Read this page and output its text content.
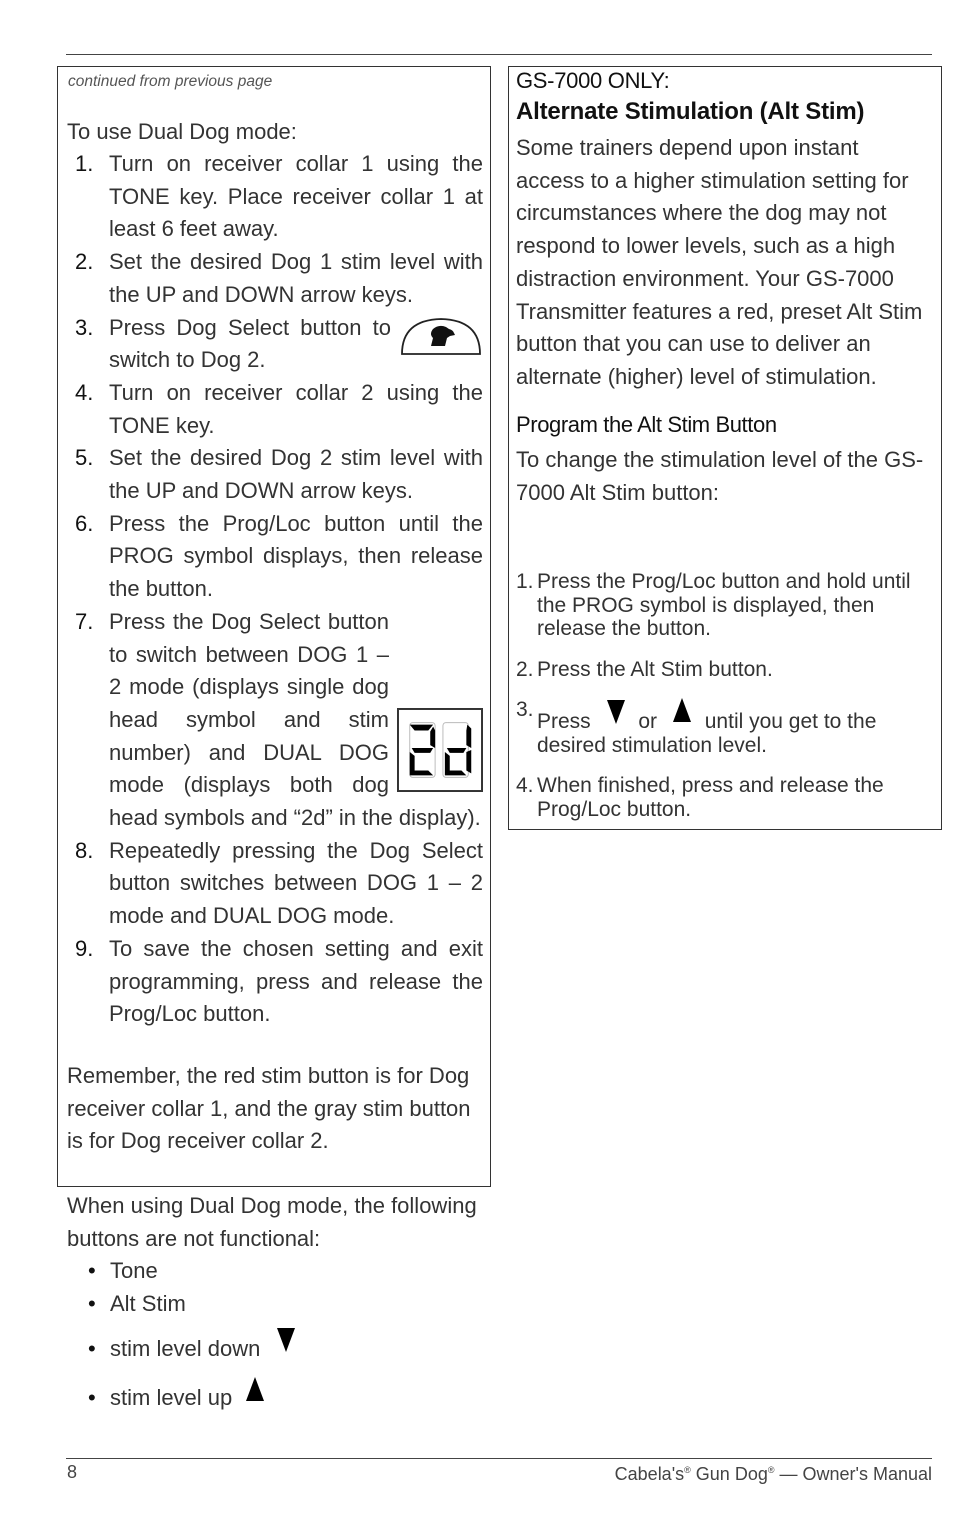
continued from previous page
To use Dual Dog mode:
1. Turn on receiver collar 1 using the TONE key. Place receiver collar 1 at least 6 feet away.
2. Set the desired Dog 1 stim level with the UP and DOWN arrow keys.
3. Press Dog Select button to switch to Dog 2.
4. Turn on receiver collar 2 using the TONE key.
5. Set the desired Dog 2 stim level with the UP and DOWN arrow keys.
6. Press the Prog/Loc button until the PROG symbol displays, then release the button.
7.
2d
Press the Dog Select button to switch between DOG 1 – 2 mode (displays single dog head symbol and stim number) and DUAL DOG mode (displays both dog head symbols and “2d” in the display).
8. Repeatedly pressing the Dog Select button switches between DOG 1 – 2 mode and DUAL DOG mode.
9. To save the chosen setting and exit programming, press and release the Prog/Loc button.
Remember, the red stim button is for Dog receiver collar 1, and the gray stim button is for Dog receiver collar 2.
When using Dual Dog mode, the following buttons are not functional:
• Tone
• Alt Stim
• stim level down
• stim level up
GS-7000 ONLY:
Alternate Stimulation (Alt Stim)
Some trainers depend upon instant access to a higher stimulation setting for circumstances where the dog may not respond to lower levels, such as a high distraction environment. Your GS-7000 Transmitter features a red, preset Alt Stim button that you can use to deliver an alternate (higher) level of stimulation.
Program the Alt Stim Button
To change the stimulation level of the GS-7000 Alt Stim button:
1. Press the Prog/Loc button and hold until the PROG symbol is displayed, then release the button.
2. Press the Alt Stim button.
3.
Press or until you get to the desired stimulation level.
4. When finished, press and release the Prog/Loc button.
8	Cabela's® Gun Dog® — Owner's Manual
